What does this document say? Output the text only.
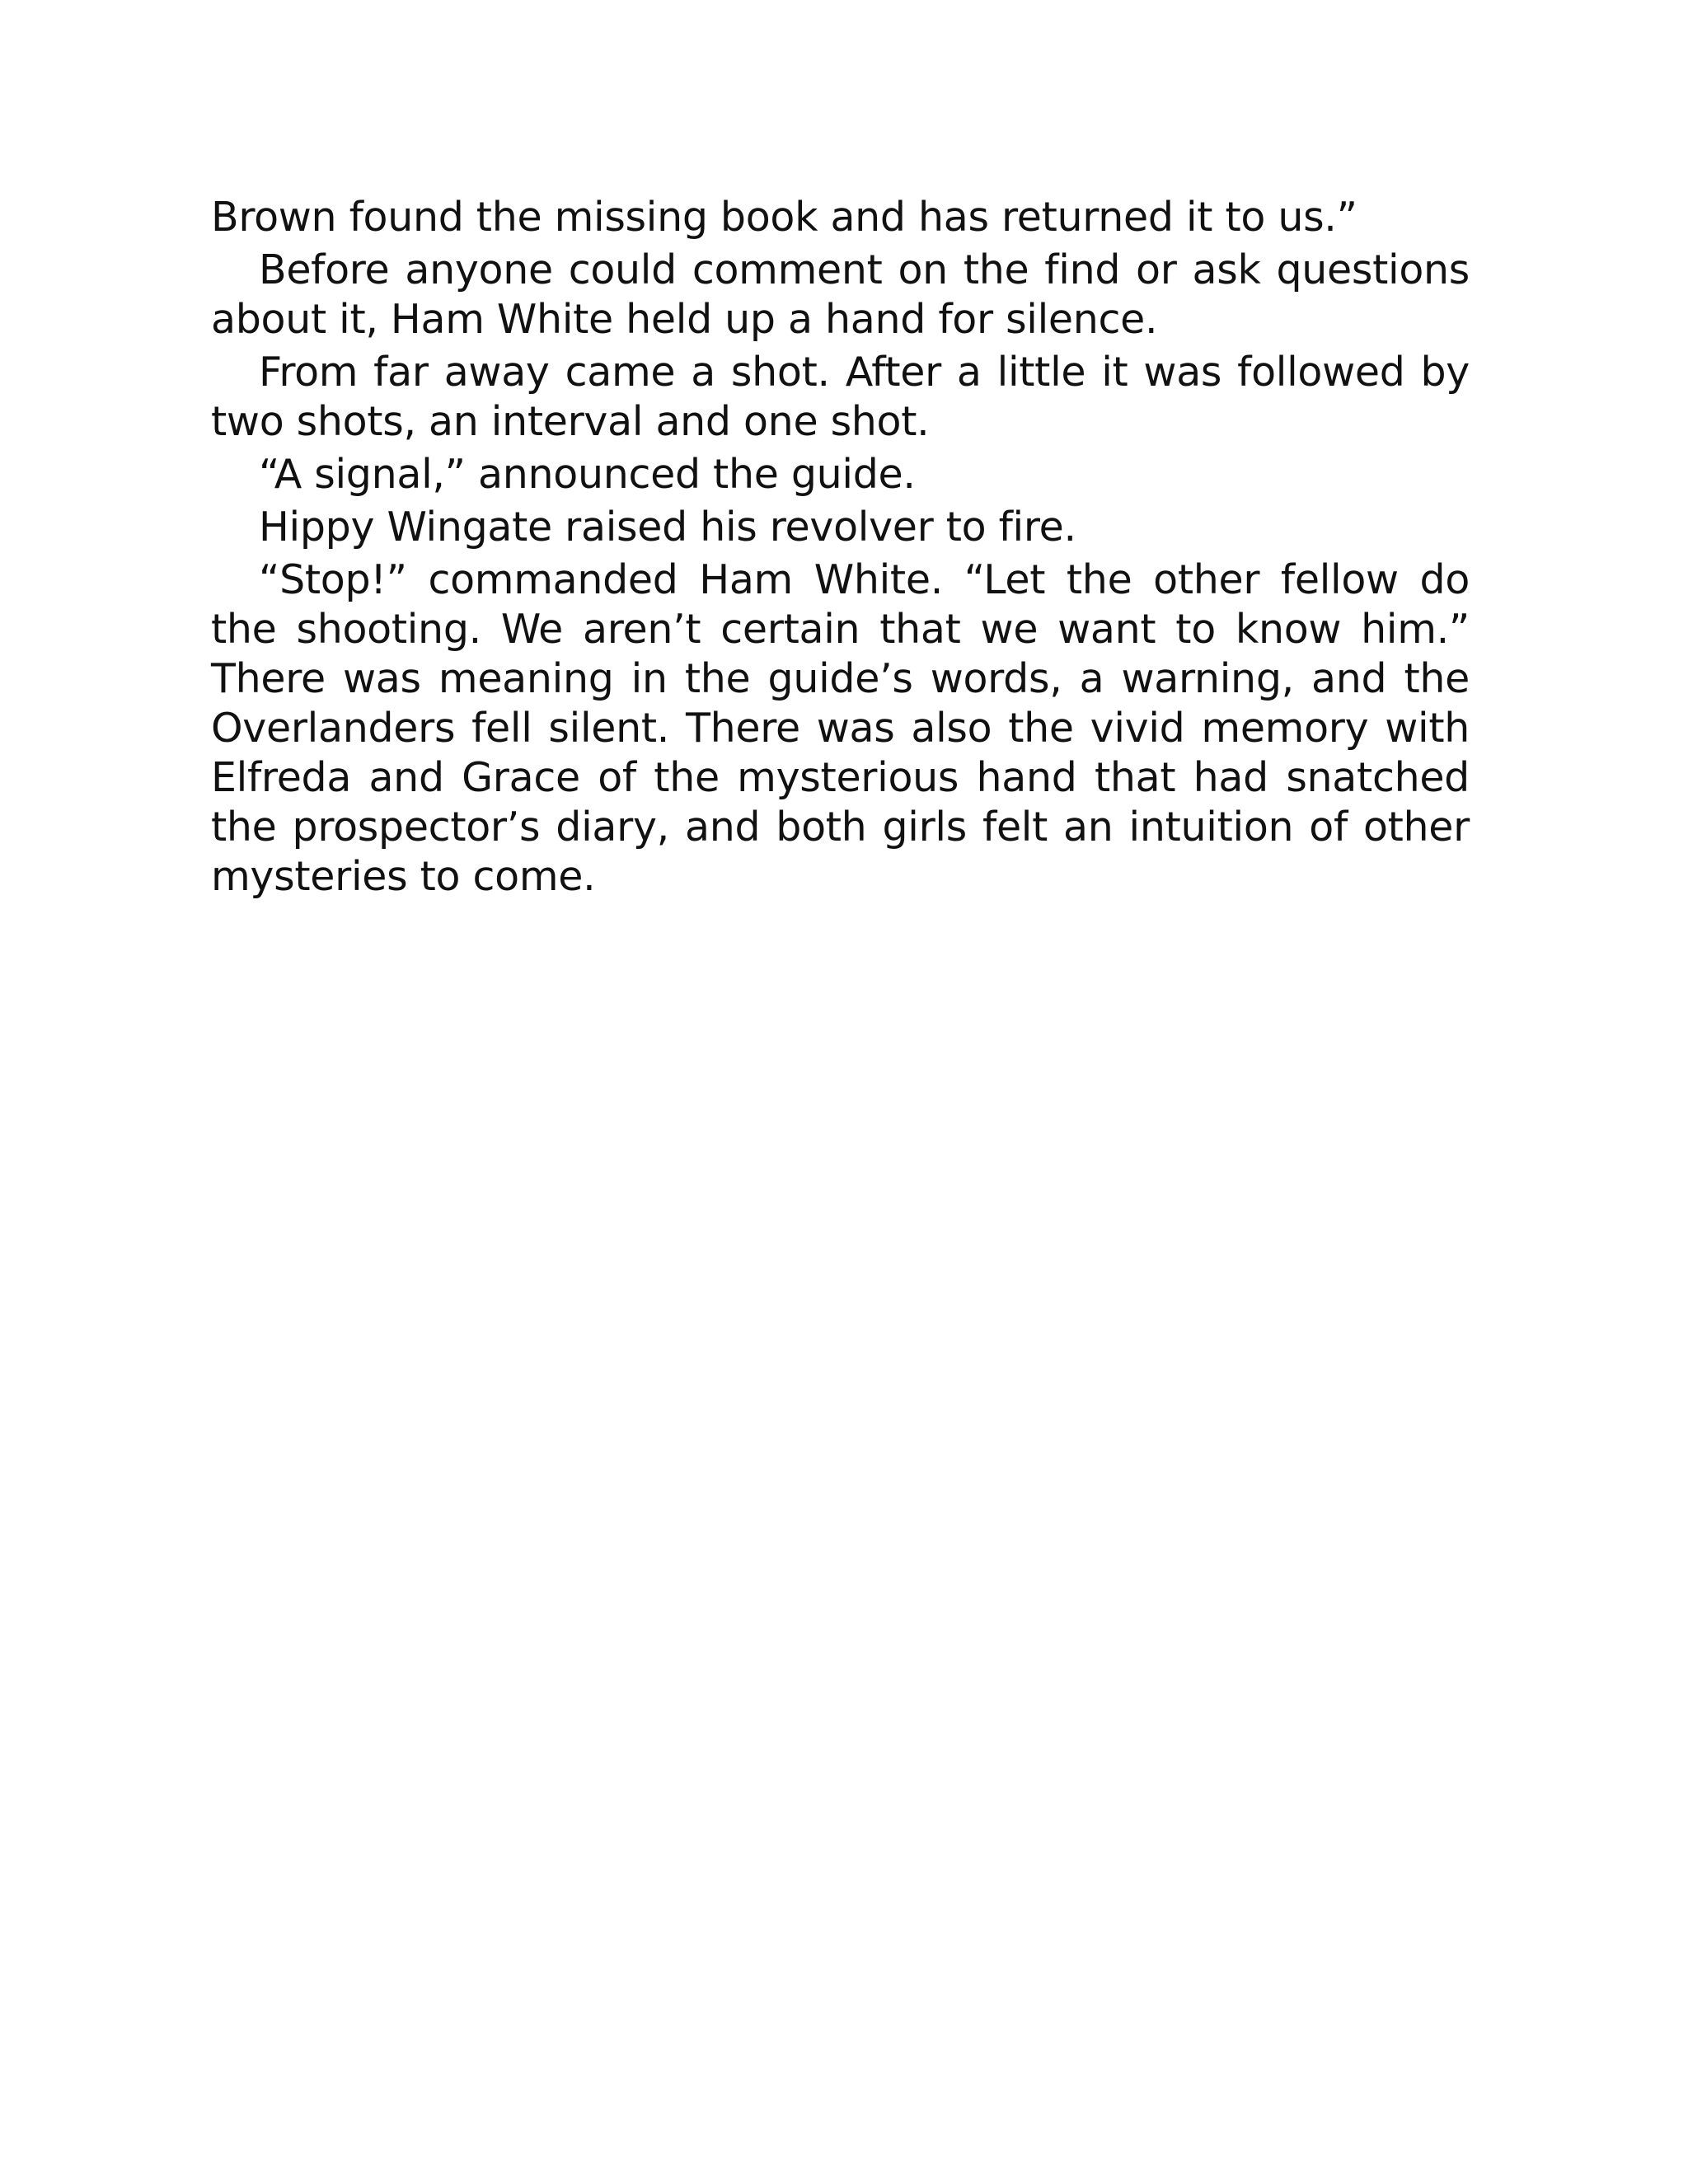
Brown found the missing book and has returned it to us.”

Before anyone could comment on the find or ask questions about it, Ham White held up a hand for silence.

From far away came a shot. After a little it was followed by two shots, an interval and one shot.

“A signal,” announced the guide.

Hippy Wingate raised his revolver to fire.

“Stop!” commanded Ham White. “Let the other fellow do the shooting. We aren’t certain that we want to know him.” There was meaning in the guide’s words, a warning, and the Overlanders fell silent. There was also the vivid memory with Elfreda and Grace of the mysterious hand that had snatched the prospector’s diary, and both girls felt an intuition of other mysteries to come.
